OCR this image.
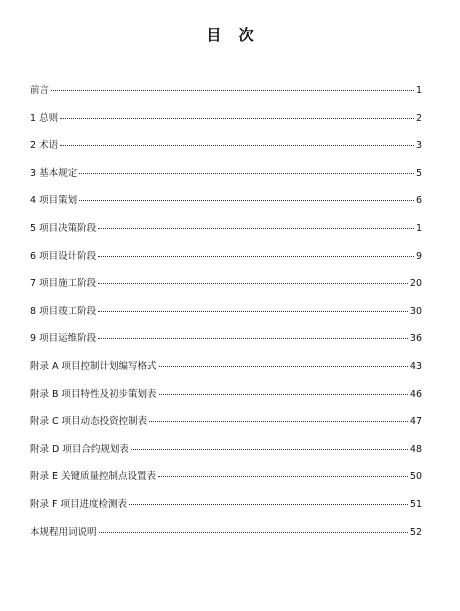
目 次
前言	1
1 总则	2
2 术语	3
3 基本规定	5
4 项目策划	6
5 项目决策阶段	1
6 项目设计阶段	9
7 项目施工阶段	20
8 项目竣工阶段	30
9 项目运维阶段	36
附录 A 项目控制计划编写格式	43
附录 B 项目特性及初步策划表	46
附录 C 项目动态投资控制表	47
附录 D 项目合约规划表	48
附录 E 关键质量控制点设置表	50
附录 F 项目进度检测表	51
本规程用词说明	52
